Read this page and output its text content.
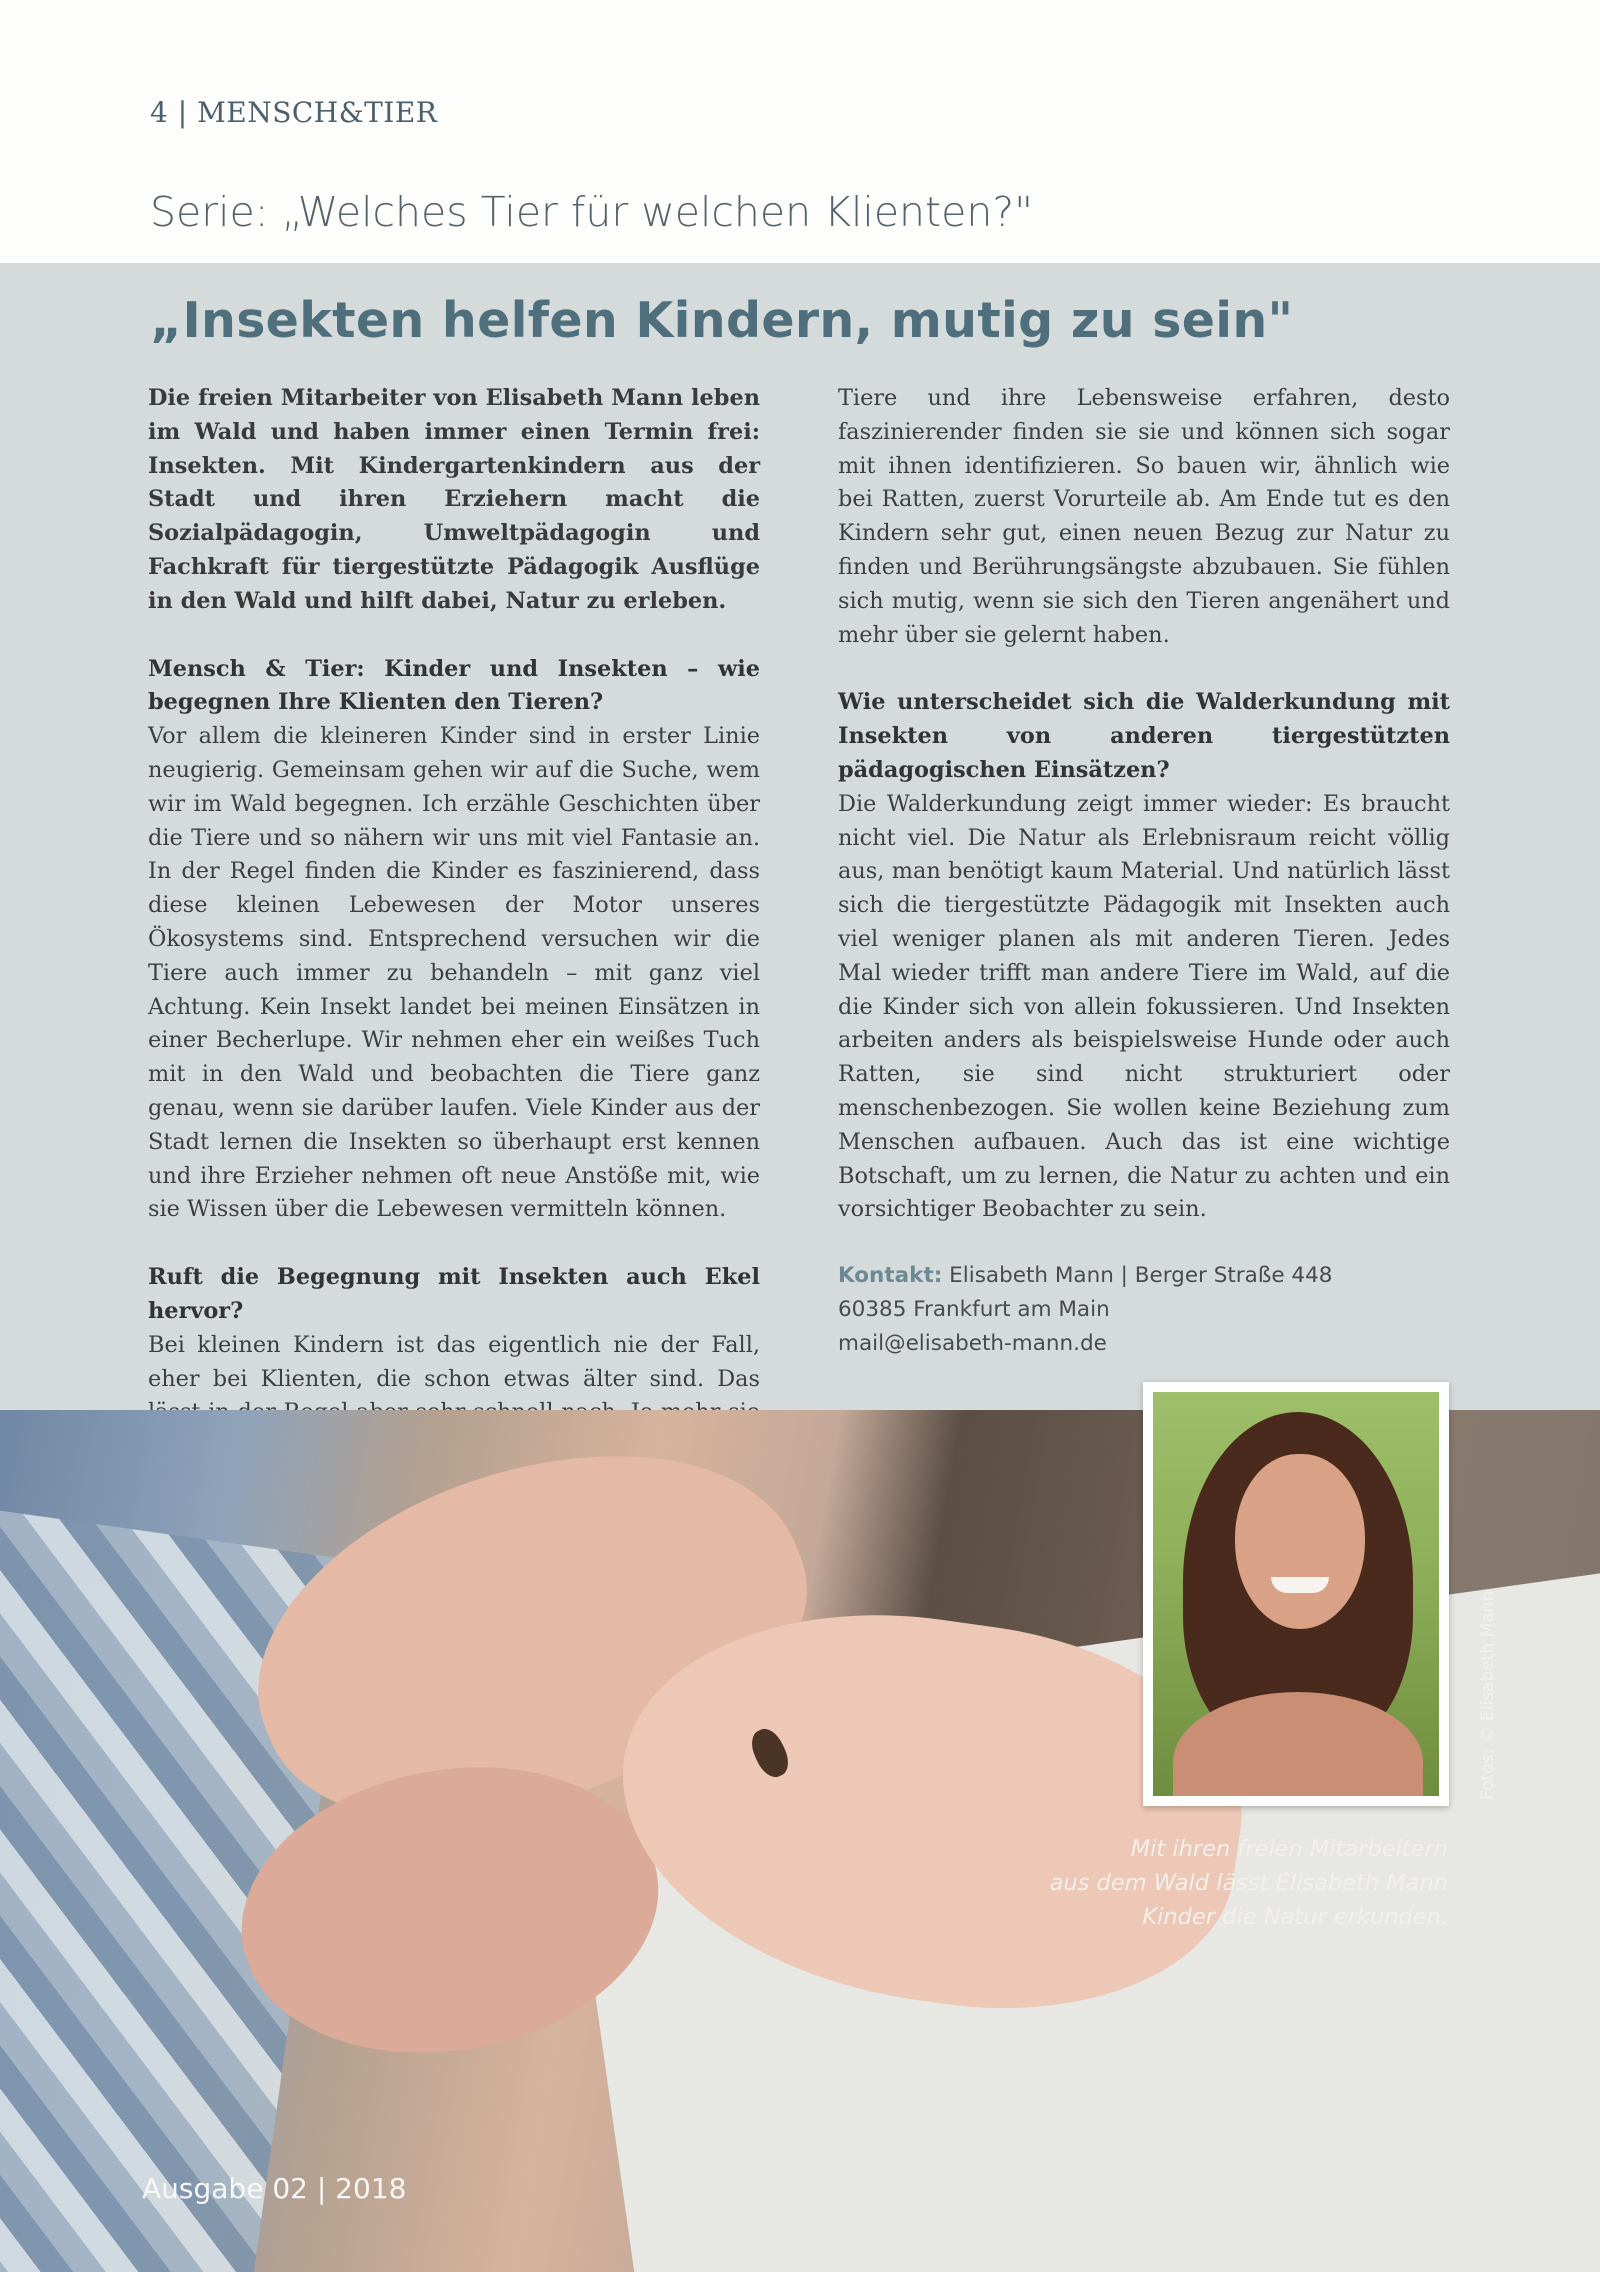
4 | MENSCH&TIER
Serie: „Welches Tier für welchen Klienten?"
„Insekten helfen Kindern, mutig zu sein"

Die freien Mitarbeiter von Elisabeth Mann leben im Wald und haben immer einen Termin frei: Insekten. Mit Kindergartenkindern aus der Stadt und ihren Erziehern macht die Sozialpädagogin, Umweltpädagogin und Fachkraft für tiergestützte Pädagogik Ausflüge in den Wald und hilft dabei, Natur zu erleben.

Mensch & Tier: Kinder und Insekten – wie begegnen Ihre Klienten den Tieren?

Vor allem die kleineren Kinder sind in erster Linie neugierig. Gemeinsam gehen wir auf die Suche, wem wir im Wald begegnen. Ich erzähle Geschichten über die Tiere und so nähern wir uns mit viel Fantasie an. In der Regel finden die Kinder es faszinierend, dass diese kleinen Lebewesen der Motor unseres Ökosystems sind. Entsprechend versuchen wir die Tiere auch immer zu behandeln – mit ganz viel Achtung. Kein Insekt landet bei meinen Einsätzen in einer Becherlupe. Wir nehmen eher ein weißes Tuch mit in den Wald und beobachten die Tiere ganz genau, wenn sie darüber laufen. Viele Kinder aus der Stadt lernen die Insekten so überhaupt erst kennen und ihre Erzieher nehmen oft neue Anstöße mit, wie sie Wissen über die Lebewesen vermitteln können.

Ruft die Begegnung mit Insekten auch Ekel hervor?

Bei kleinen Kindern ist das eigentlich nie der Fall, eher bei Klienten, die schon etwas älter sind. Das

Tiere und ihre Lebensweise erfahren, desto faszinierender finden sie sie und können sich sogar mit ihnen identifizieren. So bauen wir, ähnlich wie bei Ratten, zuerst Vorurteile ab. Am Ende tut es den Kindern sehr gut, einen neuen Bezug zur Natur zu finden und Berührungsängste abzubauen. Sie fühlen sich mutig, wenn sie sich den Tieren angenähert und mehr über sie gelernt haben.

Wie unterscheidet sich die Walderkundung mit Insekten von anderen tiergestützten pädagogischen Einsätzen?

Die Walderkundung zeigt immer wieder: Es braucht nicht viel. Die Natur als Erlebnisraum reicht völlig aus, man benötigt kaum Material. Und natürlich lässt sich die tiergestützte Pädagogik mit Insekten auch viel weniger planen als mit anderen Tieren. Jedes Mal wieder trifft man andere Tiere im Wald, auf die die Kinder sich von allein fokussieren. Und Insekten arbeiten anders als beispielsweise Hunde oder auch Ratten, sie sind nicht strukturiert oder menschenbezogen. Sie wollen keine Beziehung zum Menschen aufbauen. Auch das ist eine wichtige Botschaft, um zu lernen, die Natur zu achten und ein vorsichtiger Beobachter zu sein.

Kontakt: Elisabeth Mann | Berger Straße 448
60385 Frankfurt am Main
mail@elisabeth-mann.de
Fotos: © Elisabeth Mann
Mit ihren freien Mitarbeitern
aus dem Wald lässt Elisabeth Mann
Kinder die Natur erkunden.
Ausgabe 02 | 2018
